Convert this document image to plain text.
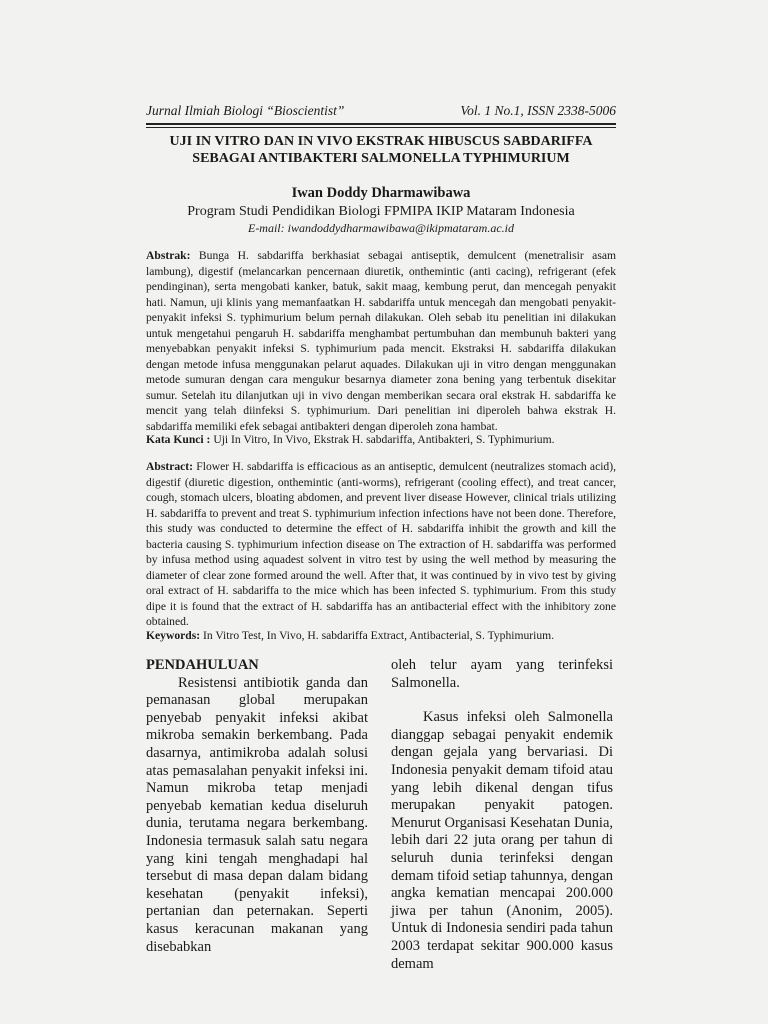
Jurnal Ilmiah Biologi “Bioscientist”	Vol. 1 No.1, ISSN 2338-5006
UJI IN VITRO DAN IN VIVO EKSTRAK HIBUSCUS SABDARIFFA
SEBAGAI ANTIBAKTERI SALMONELLA TYPHIMURIUM
Iwan Doddy Dharmawibawa
Program Studi Pendidikan Biologi FPMIPA IKIP Mataram Indonesia
E-mail: iwandoddydharmawibawa@ikipmataram.ac.id
Abstrak: Bunga H. sabdariffa berkhasiat sebagai antiseptik, demulcent (menetralisir asam lambung), digestif (melancarkan pencernaan diuretik, onthemintic (anti cacing), refrigerant (efek pendinginan), serta mengobati kanker, batuk, sakit maag, kembung perut, dan mencegah penyakit hati. Namun, uji klinis yang memanfaatkan H. sabdariffa untuk mencegah dan mengobati penyakit-penyakit infeksi S. typhimurium belum pernah dilakukan. Oleh sebab itu penelitian ini dilakukan untuk mengetahui pengaruh H. sabdariffa menghambat pertumbuhan dan membunuh bakteri yang menyebabkan penyakit infeksi S. typhimurium pada mencit. Ekstraksi H. sabdariffa dilakukan dengan metode infusa menggunakan pelarut aquades. Dilakukan uji in vitro dengan menggunakan metode sumuran dengan cara mengukur besarnya diameter zona bening yang terbentuk disekitar sumur. Setelah itu dilanjutkan uji in vivo dengan memberikan secara oral ekstrak H. sabdariffa ke mencit yang telah diinfeksi S. typhimurium. Dari penelitian ini diperoleh bahwa ekstrak H. sabdariffa memiliki efek sebagai antibakteri dengan diperoleh zona hambat.
Kata Kunci : Uji In Vitro, In Vivo, Ekstrak H. sabdariffa, Antibakteri, S. Typhimurium.
Abstract: Flower H. sabdariffa is efficacious as an antiseptic, demulcent (neutralizes stomach acid), digestif (diuretic digestion, onthemintic (anti-worms), refrigerant (cooling effect), and treat cancer, cough, stomach ulcers, bloating abdomen, and prevent liver disease However, clinical trials utilizing H. sabdariffa to prevent and treat S. typhimurium infection infections have not been done. Therefore, this study was conducted to determine the effect of H. sabdariffa inhibit the growth and kill the bacteria causing S. typhimurium infection disease on The extraction of H. sabdariffa was performed by infusa method using aquadest solvent in vitro test by using the well method by measuring the diameter of clear zone formed around the well. After that, it was continued by in vivo test by giving oral extract of H. sabdariffa to the mice which has been infected S. typhimurium. From this study dipe it is found that the extract of H. sabdariffa has an antibacterial effect with the inhibitory zone obtained.
Keywords: In Vitro Test, In Vivo, H. sabdariffa Extract, Antibacterial, S. Typhimurium.

PENDAHULUAN

Resistensi antibiotik ganda dan pemanasan global merupakan penyebab penyakit infeksi akibat mikroba semakin berkembang. Pada dasarnya, antimikroba adalah solusi atas pemasalahan penyakit infeksi ini. Namun mikroba tetap menjadi penyebab kematian kedua diseluruh dunia, terutama negara berkembang. Indonesia termasuk salah satu negara yang kini tengah menghadapi hal tersebut di masa depan dalam bidang kesehatan (penyakit infeksi), pertanian dan peternakan. Seperti kasus keracunan makanan yang disebabkan

oleh telur ayam yang terinfeksi Salmonella.

Kasus infeksi oleh Salmonella dianggap sebagai penyakit endemik dengan gejala yang bervariasi. Di Indonesia penyakit demam tifoid atau yang lebih dikenal dengan tifus merupakan penyakit patogen. Menurut Organisasi Kesehatan Dunia, lebih dari 22 juta orang per tahun di seluruh dunia terinfeksi dengan demam tifoid setiap tahunnya, dengan angka kematian mencapai 200.000 jiwa per tahun (Anonim, 2005). Untuk di Indonesia sendiri pada tahun 2003 terdapat sekitar 900.000 kasus demam
